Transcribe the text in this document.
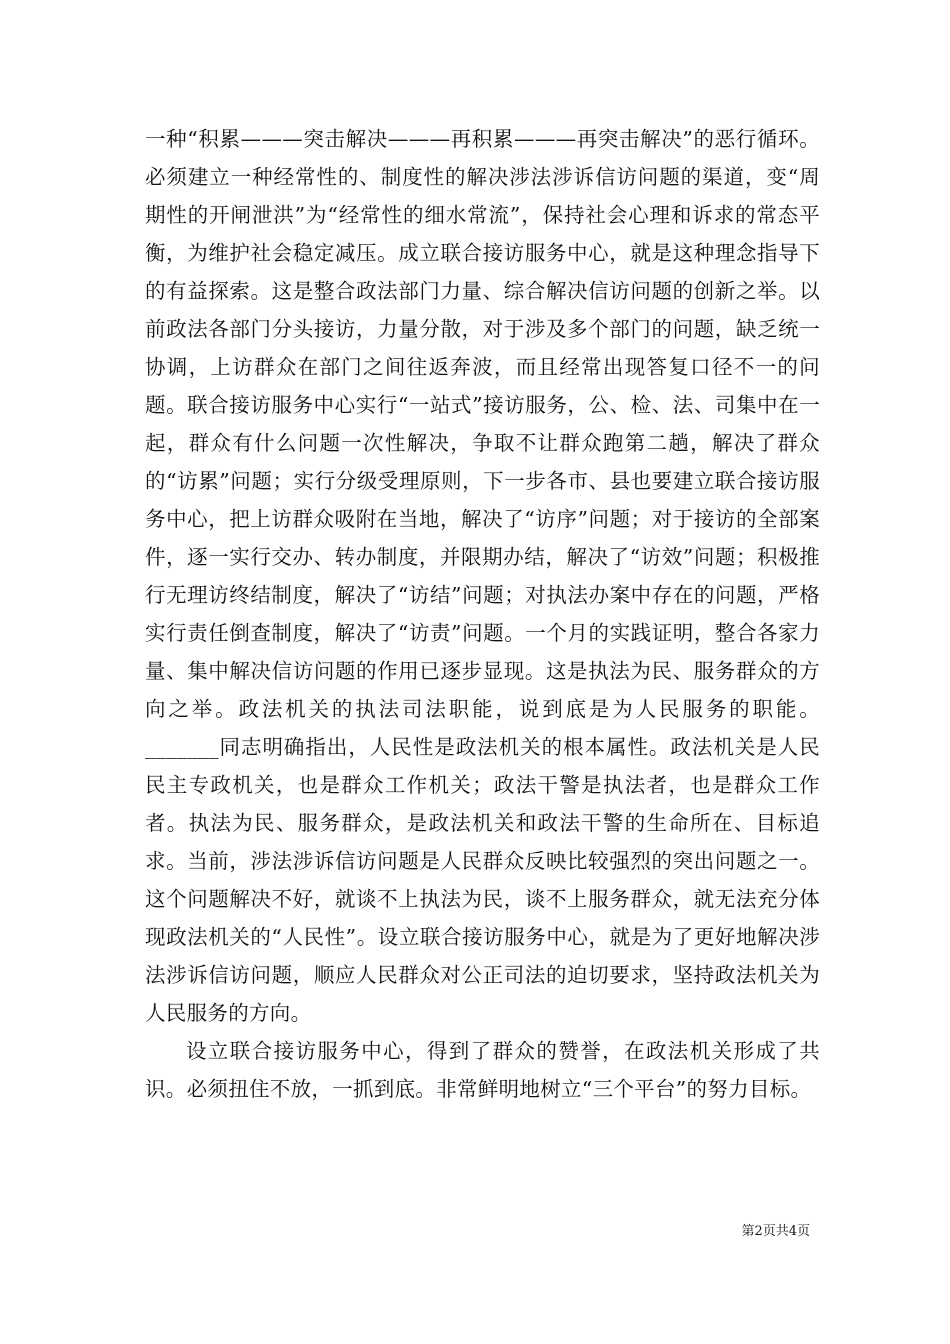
一种“积累———突击解决———再积累———再突击解决”的恶行循环。必须建立一种经常性的、制度性的解决涉法涉诉信访问题的渠道，变“周期性的开闸泄洪”为“经常性的细水常流”，保持社会心理和诉求的常态平衡，为维护社会稳定减压。成立联合接访服务中心，就是这种理念指导下的有益探索。这是整合政法部门力量、综合解决信访问题的创新之举。以前政法各部门分头接访，力量分散，对于涉及多个部门的问题，缺乏统一协调，上访群众在部门之间往返奔波，而且经常出现答复口径不一的问题。联合接访服务中心实行“一站式”接访服务，公、检、法、司集中在一起，群众有什么问题一次性解决，争取不让群众跑第二趟，解决了群众的“访累”问题；实行分级受理原则，下一步各市、县也要建立联合接访服务中心，把上访群众吸附在当地，解决了“访序”问题；对于接访的全部案件，逐一实行交办、转办制度，并限期办结，解决了“访效”问题；积极推行无理访终结制度，解决了“访结”问题；对执法办案中存在的问题，严格实行责任倒查制度，解决了“访责”问题。一个月的实践证明，整合各家力量、集中解决信访问题的作用已逐步显现。这是执法为民、服务群众的方向之举。政法机关的执法司法职能，说到底是为人民服务的职能。_______同志明确指出，人民性是政法机关的根本属性。政法机关是人民民主专政机关，也是群众工作机关；政法干警是执法者，也是群众工作者。执法为民、服务群众，是政法机关和政法干警的生命所在、目标追求。当前，涉法涉诉信访问题是人民群众反映比较强烈的突出问题之一。这个问题解决不好，就谈不上执法为民，谈不上服务群众，就无法充分体现政法机关的“人民性”。设立联合接访服务中心，就是为了更好地解决涉法涉诉信访问题，顺应人民群众对公正司法的迫切要求，坚持政法机关为人民服务的方向。

设立联合接访服务中心，得到了群众的赞誉，在政法机关形成了共识。必须扭住不放，一抓到底。非常鲜明地树立“三个平台”的努力目标。

第2页共4页
